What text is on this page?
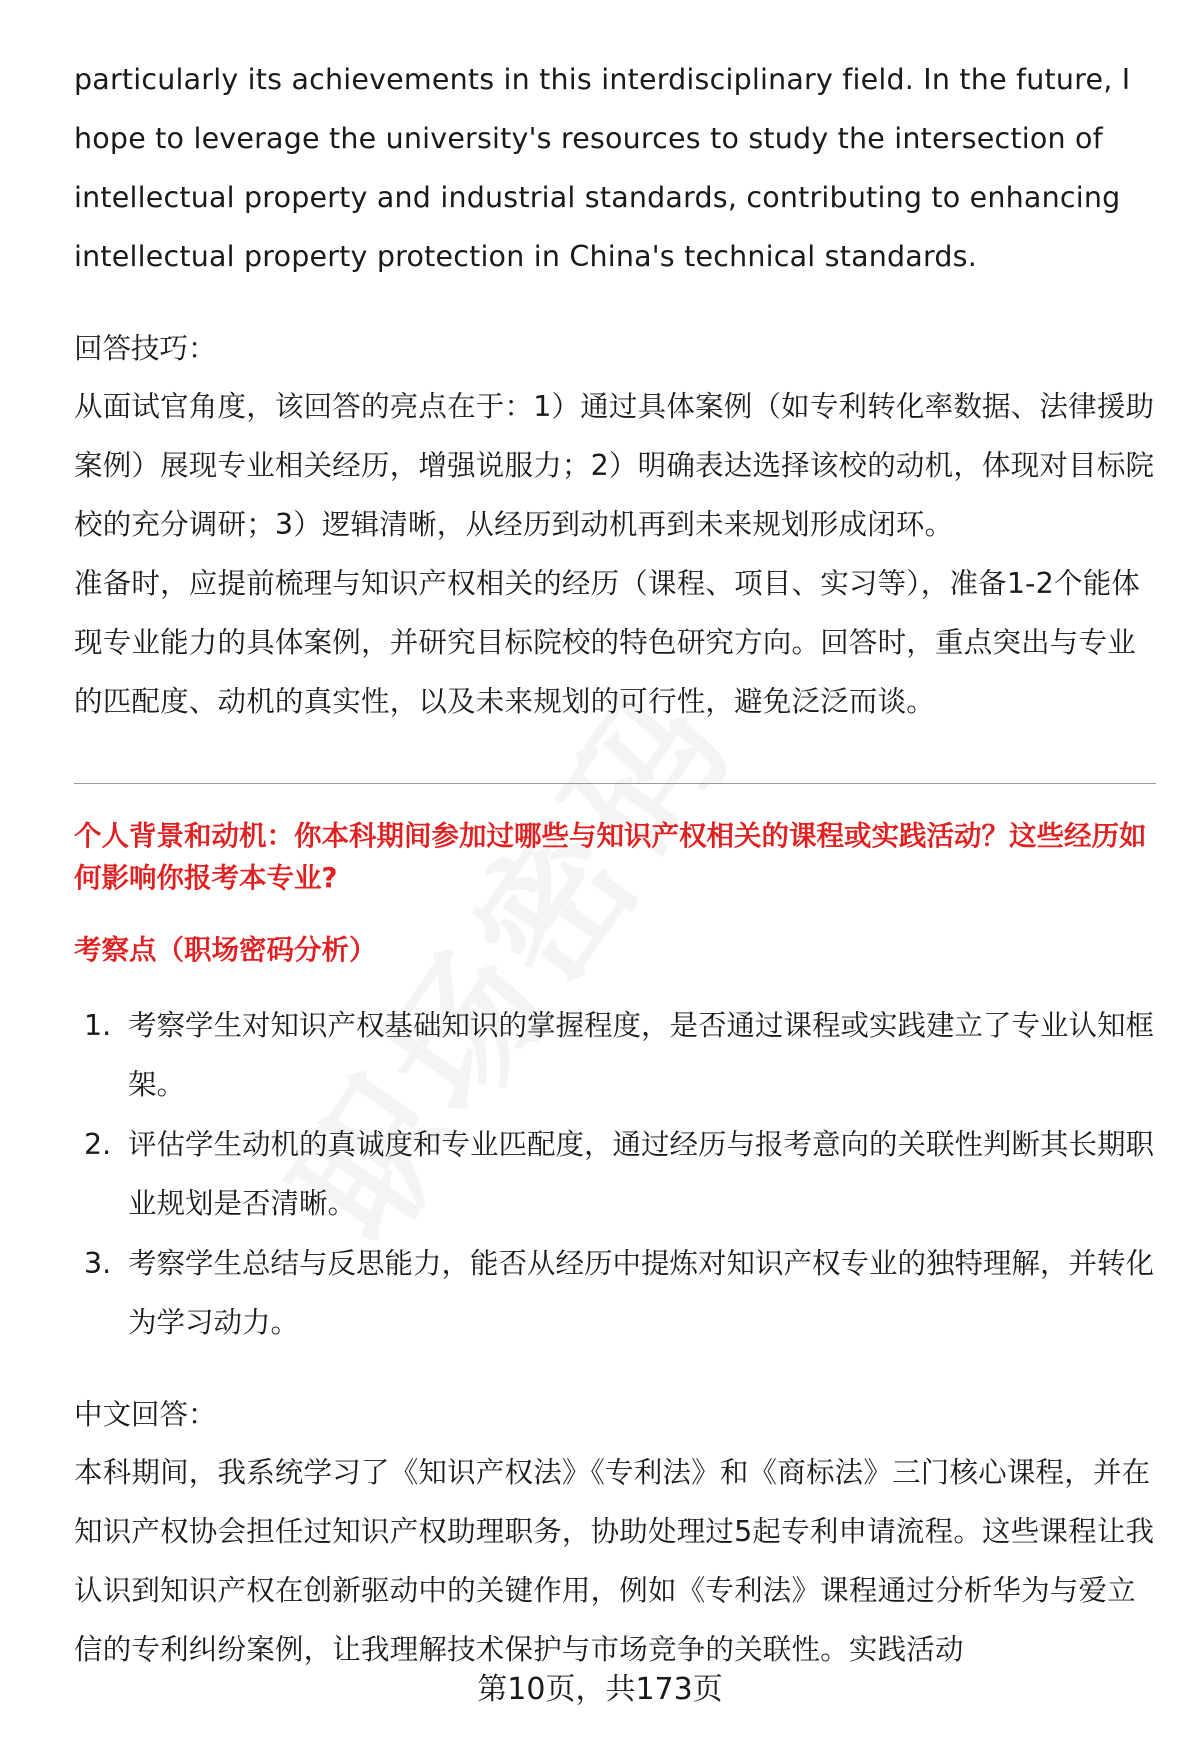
particularly its achievements in this interdisciplinary field. In the future, I hope to leverage the university's resources to study the intersection of intellectual property and industrial standards, contributing to enhancing intellectual property protection in China's technical standards.

回答技巧：

从面试官角度，该回答的亮点在于：1）通过具体案例（如专利转化率数据、法律援助案例）展现专业相关经历，增强说服力；2）明确表达选择该校的动机，体现对目标院校的充分调研；3）逻辑清晰，从经历到动机再到未来规划形成闭环。

准备时，应提前梳理与知识产权相关的经历（课程、项目、实习等），准备1-2个能体现专业能力的具体案例，并研究目标院校的特色研究方向。回答时，重点突出与专业的匹配度、动机的真实性，以及未来规划的可行性，避免泛泛而谈。

个人背景和动机：你本科期间参加过哪些与知识产权相关的课程或实践活动？这些经历如何影响你报考本专业?

考察点（职场密码分析）

1. 考察学生对知识产权基础知识的掌握程度，是否通过课程或实践建立了专业认知框架。
2. 评估学生动机的真诚度和专业匹配度，通过经历与报考意向的关联性判断其长期职业规划是否清晰。
3. 考察学生总结与反思能力，能否从经历中提炼对知识产权专业的独特理解，并转化为学习动力。

中文回答：

本科期间，我系统学习了《知识产权法》《专利法》和《商标法》三门核心课程，并在知识产权协会担任过知识产权助理职务，协助处理过5起专利申请流程。这些课程让我认识到知识产权在创新驱动中的关键作用，例如《专利法》课程通过分析华为与爱立信的专利纠纷案例，让我理解技术保护与市场竞争的关联性。实践活动

第10页，共173页
